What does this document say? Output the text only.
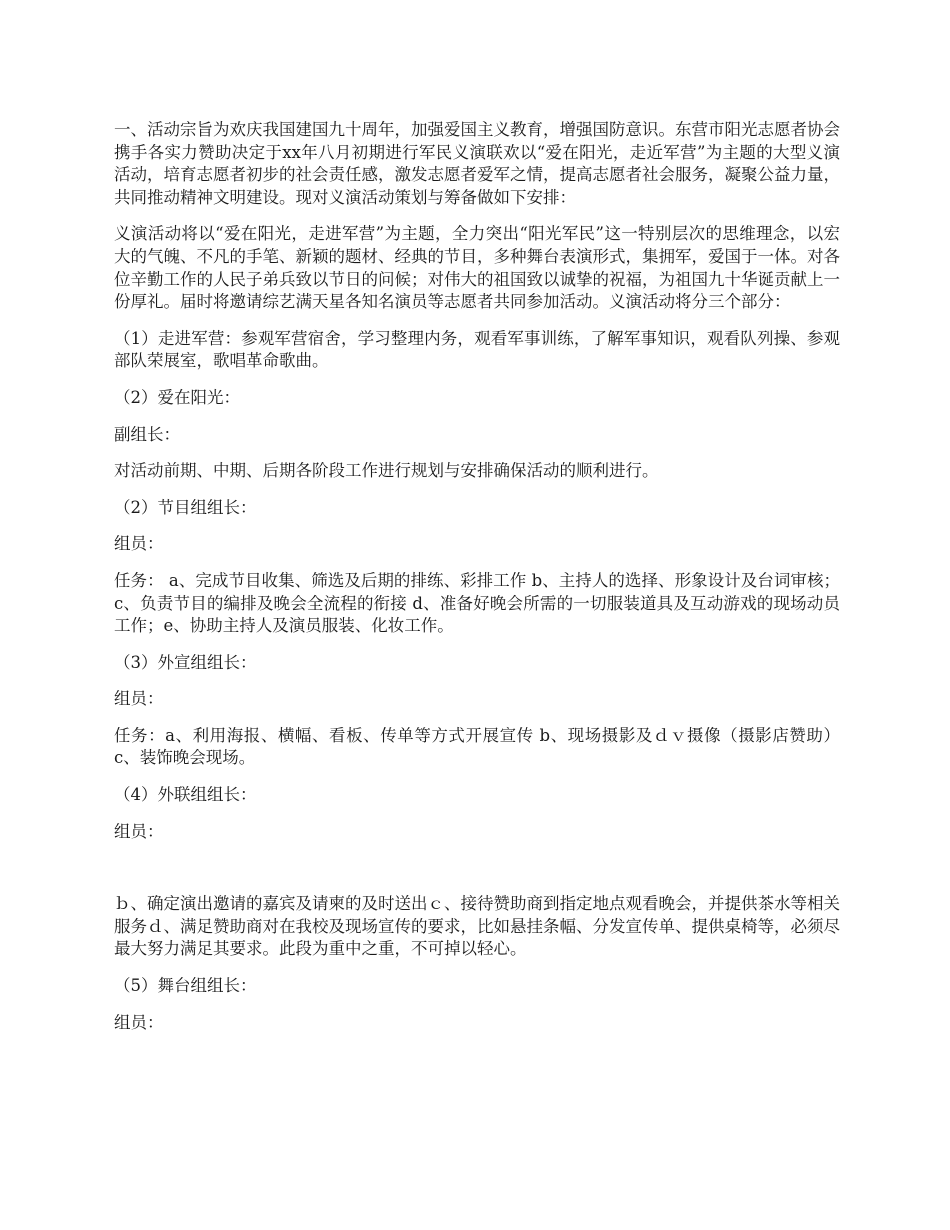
一、活动宗旨为欢庆我国建国九十周年，加强爱国主义教育，增强国防意识。东营市阳光志愿者协会携手各实力赞助决定于xx年八月初期进行军民义演联欢以“爱在阳光，走近军营”为主题的大型义演活动，培育志愿者初步的社会责任感，激发志愿者爱军之情，提高志愿者社会服务，凝聚公益力量，共同推动精神文明建设。现对义演活动策划与筹备做如下安排：

义演活动将以“爱在阳光，走进军营”为主题，全力突出“阳光军民”这一特别层次的思维理念，以宏大的气魄、不凡的手笔、新颖的题材、经典的节目，多种舞台表演形式，集拥军，爱国于一体。对各位辛勤工作的人民子弟兵致以节日的问候；对伟大的祖国致以诚挚的祝福，为祖国九十华诞贡献上一份厚礼。届时将邀请综艺满天星各知名演员等志愿者共同参加活动。义演活动将分三个部分：

（1）走进军营：参观军营宿舍，学习整理内务，观看军事训练，了解军事知识，观看队列操、参观部队荣展室，歌唱革命歌曲。

（2）爱在阳光：

副组长：

对活动前期、中期、后期各阶段工作进行规划与安排确保活动的顺利进行。

（2）节目组组长：

组员：

任务： a、完成节目收集、筛选及后期的排练、彩排工作 b、主持人的选择、形象设计及台词审核；c、负责节目的编排及晚会全流程的衔接 d、准备好晚会所需的一切服装道具及互动游戏的现场动员工作；e、协助主持人及演员服装、化妆工作。

（3）外宣组组长：

组员：

任务：a、利用海报、横幅、看板、传单等方式开展宣传 b、现场摄影及ｄｖ摄像（摄影店赞助）c、装饰晚会现场。

（4）外联组组长：

组员：

ｂ、确定演出邀请的嘉宾及请柬的及时送出ｃ、接待赞助商到指定地点观看晚会，并提供茶水等相关服务ｄ、满足赞助商对在我校及现场宣传的要求，比如悬挂条幅、分发宣传单、提供桌椅等，必须尽最大努力满足其要求。此段为重中之重，不可掉以轻心。

（5）舞台组组长：

组员：
